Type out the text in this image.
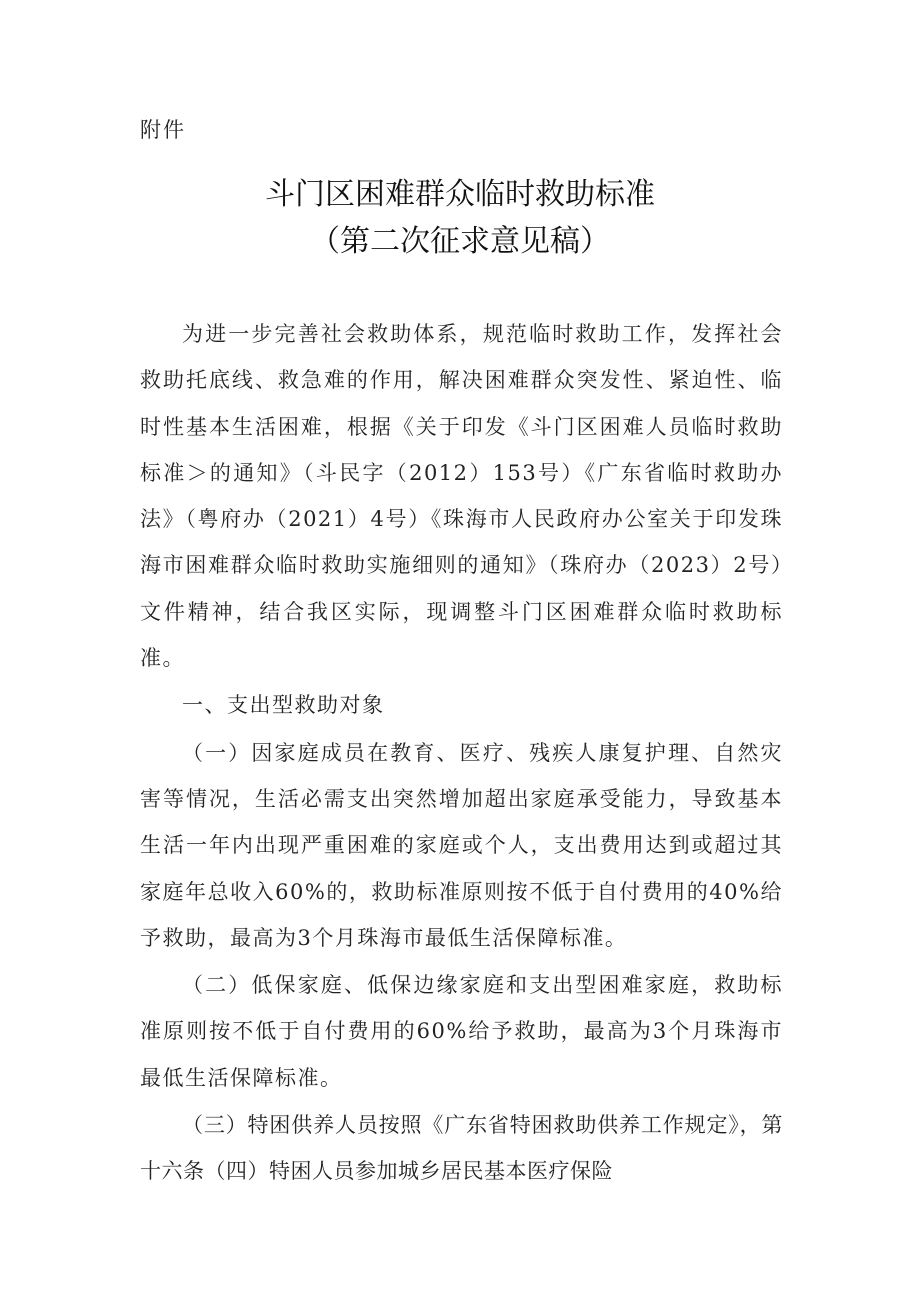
附件
斗门区困难群众临时救助标准
（第二次征求意见稿）

为进一步完善社会救助体系，规范临时救助工作，发挥社会救助托底线、救急难的作用，解决困难群众突发性、紧迫性、临时性基本生活困难，根据《关于印发《斗门区困难人员临时救助标准＞的通知》（斗民字（2012）153号）《广东省临时救助办法》（粤府办（2021）4号）《珠海市人民政府办公室关于印发珠海市困难群众临时救助实施细则的通知》（珠府办（2023）2号）文件精神，结合我区实际，现调整斗门区困难群众临时救助标准。

一、支出型救助对象

（一）因家庭成员在教育、医疗、残疾人康复护理、自然灾害等情况，生活必需支出突然增加超出家庭承受能力，导致基本生活一年内出现严重困难的家庭或个人，支出费用达到或超过其家庭年总收入60%的，救助标准原则按不低于自付费用的40%给予救助，最高为3个月珠海市最低生活保障标准。

（二）低保家庭、低保边缘家庭和支出型困难家庭，救助标准原则按不低于自付费用的60%给予救助，最高为3个月珠海市最低生活保障标准。

（三）特困供养人员按照《广东省特困救助供养工作规定》，第十六条（四）特困人员参加城乡居民基本医疗保险
